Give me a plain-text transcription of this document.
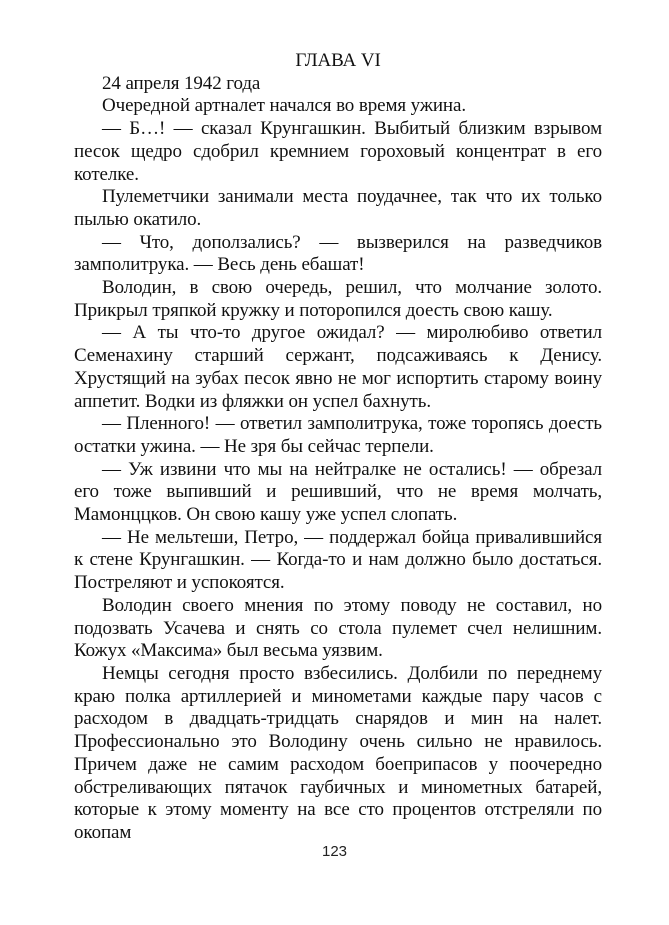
ГЛАВА VI

24 апреля 1942 года

Очередной артналет начался во время ужина.

— Б…! — сказал Крунгашкин. Выбитый близким взрывом песок щедро сдобрил кремнием гороховый концентрат в его котелке.

Пулеметчики занимали места поудачнее, так что их только пылью окатило.

— Что, доползались? — вызверился на разведчиков замполитрука. — Весь день ебашат!

Володин, в свою очередь, решил, что молчание золото. Прикрыл тряпкой кружку и поторопился доесть свою кашу.

— А ты что-то другое ожидал? — миролюбиво ответил Семенахину старший сержант, подсаживаясь к Денису. Хрустящий на зубах песок явно не мог испортить старому воину аппетит. Водки из фляжки он успел бахнуть.

— Пленного! — ответил замполитрука, тоже торопясь доесть остатки ужина. — Не зря бы сейчас терпели.

— Уж извини что мы на нейтралке не остались! — обрезал его тоже выпивший и решивший, что не время молчать, Мамонццков. Он свою кашу уже успел слопать.

— Не мельтеши, Петро, — поддержал бойца привалившийся к стене Крунгашкин. — Когда-то и нам должно было достаться. Постреляют и успокоятся.

Володин своего мнения по этому поводу не составил, но подозвать Усачева и снять со стола пулемет счел нелишним. Кожух «Максима» был весьма уязвим.

Немцы сегодня просто взбесились. Долбили по переднему краю полка артиллерией и минометами каждые пару часов с расходом в двадцать-тридцать снарядов и мин на налет. Профессионально это Володину очень сильно не нравилось. Причем даже не самим расходом боеприпасов у поочередно обстреливающих пятачок гаубичных и минометных батарей, которые к этому моменту на все сто процентов отстреляли по окопам

123
